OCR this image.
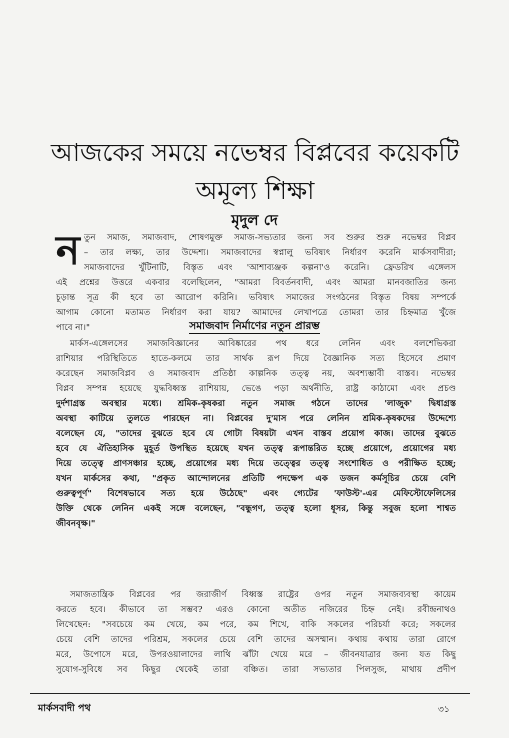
আজকের সময়ে নভেম্বর বিপ্লবের কয়েকটি
অমূল্য শিক্ষা
মৃদুল দে
ন তুন সমাজ, সমাজবাদ, শোষণমুক্ত সমাজ-সভ্যতার জন্য সব শুরুর শুরু নভেম্বর বিপ্লব
– তার লক্ষ্য, তার উদ্দেশ্য। সমাজবাদের স্বপ্নালু ভবিষ্যৎ নির্ধারণ করেনি মার্কসবাদীরা;
সমাজবাদের খুঁটিনাটি, বিস্তৃত এবং 'আশাব্যঞ্জক কল্পনা'ও করেনি। ফ্রেডরিখ এঙ্গেলস
এই প্রশ্নের উত্তরে একবার বলেছিলেন, "আমরা বিবর্তনবাদী, এবং আমরা মানবজাতির জন্য
চূড়ান্ত সূত্র কী হবে তা আরোপ করিনি। ভবিষ্যৎ সমাজের সংগঠনের বিস্তৃত বিষয় সম্পর্কে
আগাম কোনো মতামত নির্ধারণ করা যায়? আমাদের লেখাপত্রে তোমরা তার চিহ্নমাত্র খুঁজে
পাবে না।"	সমাজবাদ নির্মাণের নতুন প্রারম্ভ
মার্কস-এঙ্গেলসের সমাজবিজ্ঞানের আবিষ্কারের পথ ধরে লেনিন এবং বলশেভিকরা
রাশিয়ার পরিস্থিতিতে হাতে-কলমে তার সার্থক রূপ দিয়ে বৈজ্ঞানিক সত্য হিসেবে প্রমাণ
করেছেন সমাজবিপ্লব ও সমাজবাদ প্রতিষ্ঠা কাল্পনিক তত্ত্ব নয়, অবশ্যম্ভাবী বাস্তব। নভেম্বর
বিপ্লব সম্পন্ন হয়েছে যুদ্ধবিধ্বস্ত রাশিয়ায়, ভেঙে পড়া অর্থনীতি, রাষ্ট্র কাঠামো এবং প্রচণ্ড
দুর্দশাগ্রস্ত অবস্থার মধ্যে। শ্রমিক-কৃষকরা নতুন সমাজ গঠনে তাদের 'লাজুক' দ্বিধাগ্রস্ত
অবস্থা কাটিয়ে তুলতে পারছেন না। বিপ্লবের দু'মাস পরে লেনিন শ্রমিক-কৃষকদের উদ্দেশ্যে
বলেছেন যে, "তাদের বুঝতে হবে যে গোটা বিষয়টা এখন বাস্তব প্রয়োগ কাজ। তাদের বুঝতে
হবে যে ঐতিহাসিক মুহূর্ত উপস্থিত হয়েছে যখন তত্ত্ব রূপান্তরিত হচ্ছে প্রয়োগে, প্রয়োগের মধ্য
দিয়ে তত্ত্বে প্রাণসঞ্চার হচ্ছে, প্রয়োগের মধ্য দিয়ে তত্ত্বের তত্ত্ব সংশোধিত ও পরীক্ষিত হচ্ছে;
যখন মার্কসের কথা, "প্রকৃত আন্দোলনের প্রতিটি পদক্ষেপ এক ডজন কর্মসূচির চেয়ে বেশি
গুরুত্বপূর্ণ" বিশেষভাবে সত্য হয়ে উঠেছে" এবং গ্যেটের 'ফাউস্ট'-এর মেফিস্টোফেলিসের
উক্তি থেকে লেনিন একই সঙ্গে বলেছেন, "বন্ধুগণ, তত্ত্ব হলো ধূসর, কিন্তু সবুজ হলো শাশ্বত
জীবনবৃক্ষ।"
সমাজতান্ত্রিক বিপ্লবের পর জরাজীর্ণ বিধ্বস্ত রাষ্ট্রের ওপর নতুন সমাজব্যবস্থা কায়েম
করতে হবে। কীভাবে তা সম্ভব? এরও কোনো অতীত নজিরের চিহ্ন নেই। রবীন্দ্রনাথও
লিখেছেন: "সবচেয়ে কম খেয়ে, কম পরে, কম শিখে, বাকি সকলের পরিচর্যা করে; সকলের
চেয়ে বেশি তাদের পরিশ্রম, সকলের চেয়ে বেশি তাদের অসম্মান। কথায় কথায় তারা রোগে
মরে, উপোসে মরে, উপরওয়ালাদের লাথি ঝাঁটা খেয়ে মরে – জীবনযাত্রার জন্য যত কিছু
সুযোগ-সুবিধে সব কিছুর থেকেই তারা বঞ্চিত। তারা সভ্যতার পিলসুজ, মাথায় প্রদীপ
মার্কসবাদী পথ	৩১
